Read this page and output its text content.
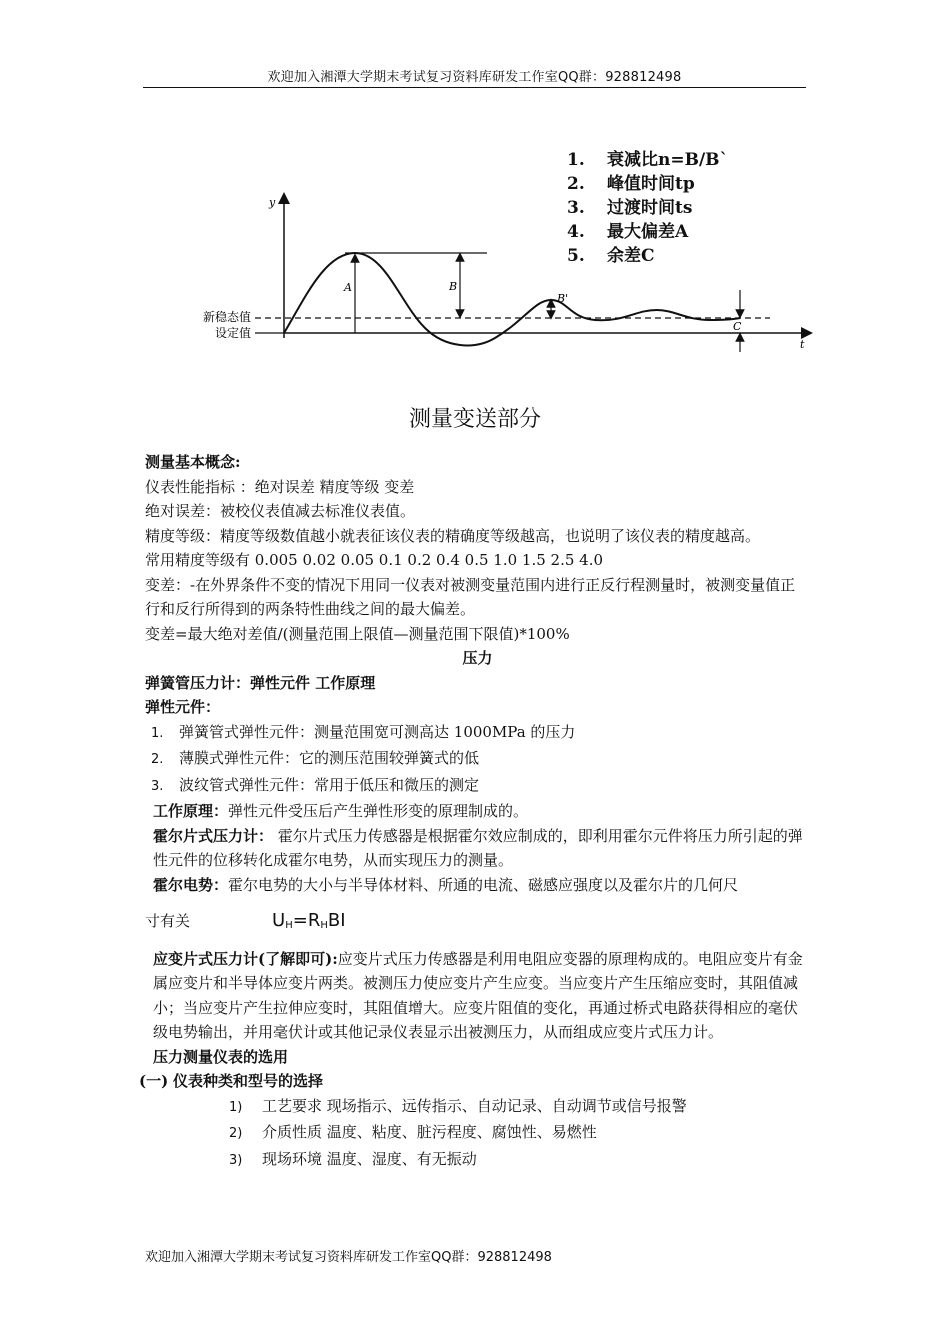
欢迎加入湘潭大学期末考试复习资料库研发工作室QQ群：928812498
y
t
新稳态值
设定值
A	B
B'
C
1. 衰减比n=B/B`
2. 峰值时间tp
3. 过渡时间ts
4. 最大偏差A
5. 余差C
测量变送部分

测量基本概念:

仪表性能指标 ：绝对误差 精度等级 变差

绝对误差：被校仪表值减去标准仪表值。

精度等级：精度等级数值越小就表征该仪表的精确度等级越高，也说明了该仪表的精度越高。

常用精度等级有 0.005 0.02 0.05 0.1 0.2 0.4 0.5 1.0 1.5 2.5 4.0

变差：-在外界条件不变的情况下用同一仪表对被测变量范围内进行正反行程测量时，被测变量值正行和反行所得到的两条特性曲线之间的最大偏差。

变差=最大绝对差值/(测量范围上限值—测量范围下限值)*100%

压力

弹簧管压力计：弹性元件 工作原理

弹性元件：

1. 弹簧管式弹性元件：测量范围宽可测高达 1000MPa 的压力
2. 薄膜式弹性元件：它的测压范围较弹簧式的低
3. 波纹管式弹性元件：常用于低压和微压的测定

工作原理：弹性元件受压后产生弹性形变的原理制成的。

霍尔片式压力计： 霍尔片式压力传感器是根据霍尔效应制成的，即利用霍尔元件将压力所引起的弹性元件的位移转化成霍尔电势，从而实现压力的测量。

霍尔电势：霍尔电势的大小与半导体材料、所通的电流、磁感应强度以及霍尔片的几何尺

寸有关	$U_H=R_HBI$

应变片式压力计(了解即可):应变片式压力传感器是利用电阻应变器的原理构成的。电阻应变片有金属应变片和半导体应变片两类。被测压力使应变片产生应变。当应变片产生压缩应变时，其阻值减小；当应变片产生拉伸应变时，其阻值增大。应变片阻值的变化，再通过桥式电路获得相应的毫伏级电势输出，并用毫伏计或其他记录仪表显示出被测压力，从而组成应变片式压力计。

压力测量仪表的选用

(一) 仪表种类和型号的选择

1) 工艺要求 现场指示、远传指示、自动记录、自动调节或信号报警
2) 介质性质 温度、粘度、脏污程度、腐蚀性、易燃性
3) 现场环境 温度、湿度、有无振动
欢迎加入湘潭大学期末考试复习资料库研发工作室QQ群：928812498
